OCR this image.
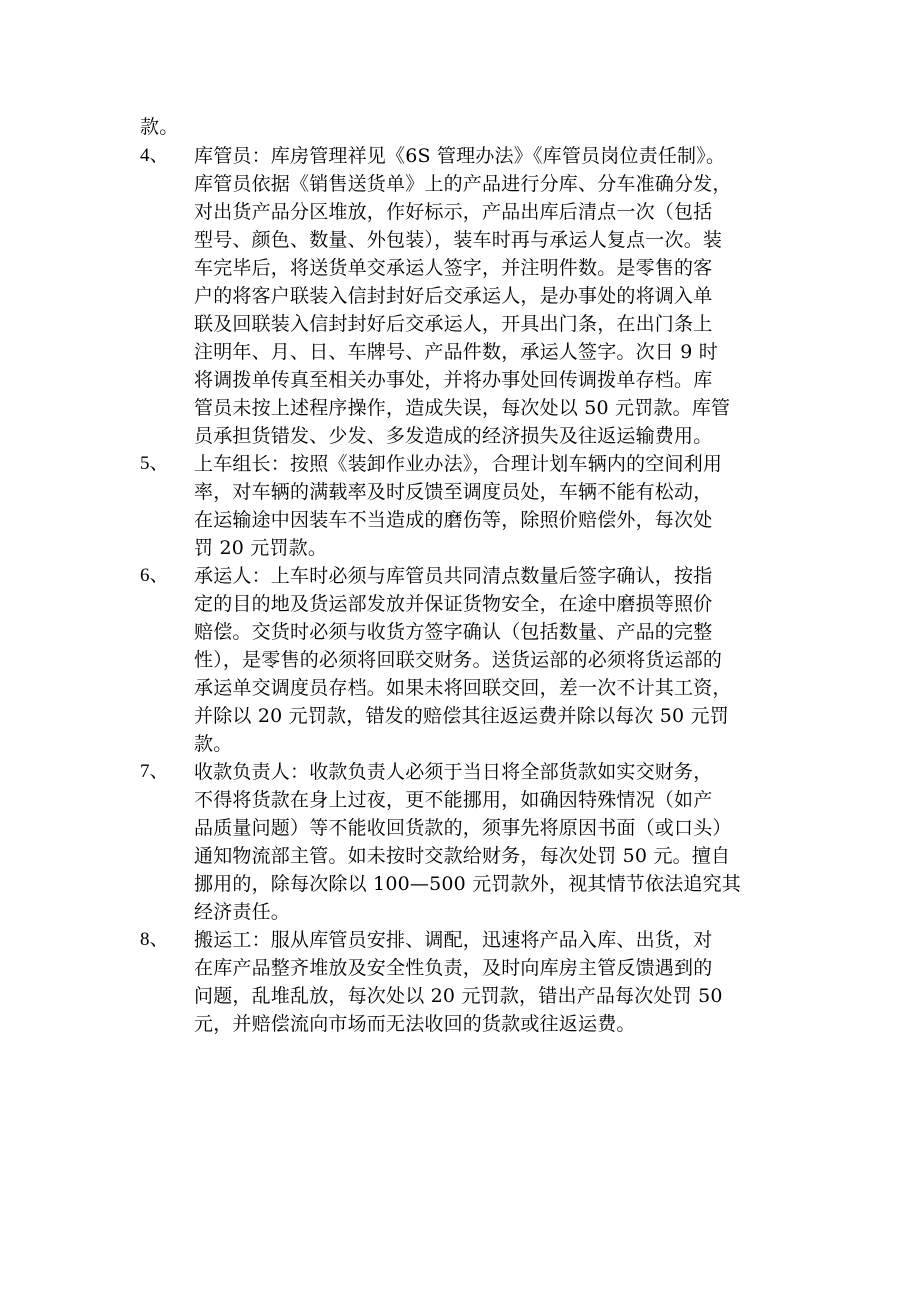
款。
4、 库管员：库房管理祥见《6S 管理办法》《库管员岗位责任制》。
库管员依据《销售送货单》上的产品进行分库、分车准确分发，
对出货产品分区堆放，作好标示，产品出库后清点一次（包括
型号、颜色、数量、外包装），装车时再与承运人复点一次。装
车完毕后，将送货单交承运人签字，并注明件数。是零售的客
户的将客户联装入信封封好后交承运人，是办事处的将调入单
联及回联装入信封封好后交承运人，开具出门条，在出门条上
注明年、月、日、车牌号、产品件数，承运人签字。次日 9 时
将调拨单传真至相关办事处，并将办事处回传调拨单存档。库
管员未按上述程序操作，造成失误，每次处以 50 元罚款。库管
员承担货错发、少发、多发造成的经济损失及往返运输费用。
5、 上车组长：按照《装卸作业办法》，合理计划车辆内的空间利用
率，对车辆的满载率及时反馈至调度员处，车辆不能有松动，
在运输途中因装车不当造成的磨伤等，除照价赔偿外，每次处
罚 20 元罚款。
6、 承运人：上车时必须与库管员共同清点数量后签字确认，按指
定的目的地及货运部发放并保证货物安全，在途中磨损等照价
赔偿。交货时必须与收货方签字确认（包括数量、产品的完整
性），是零售的必须将回联交财务。送货运部的必须将货运部的
承运单交调度员存档。如果未将回联交回，差一次不计其工资，
并除以 20 元罚款，错发的赔偿其往返运费并除以每次 50 元罚
款。
7、 收款负责人：收款负责人必须于当日将全部货款如实交财务，
不得将货款在身上过夜，更不能挪用，如确因特殊情况（如产
品质量问题）等不能收回货款的，须事先将原因书面（或口头）
通知物流部主管。如未按时交款给财务，每次处罚 50 元。擅自
挪用的，除每次除以 100—500 元罚款外，视其情节依法追究其
经济责任。
8、 搬运工：服从库管员安排、调配，迅速将产品入库、出货，对
在库产品整齐堆放及安全性负责，及时向库房主管反馈遇到的
问题，乱堆乱放，每次处以 20 元罚款，错出产品每次处罚 50
元，并赔偿流向市场而无法收回的货款或往返运费。
